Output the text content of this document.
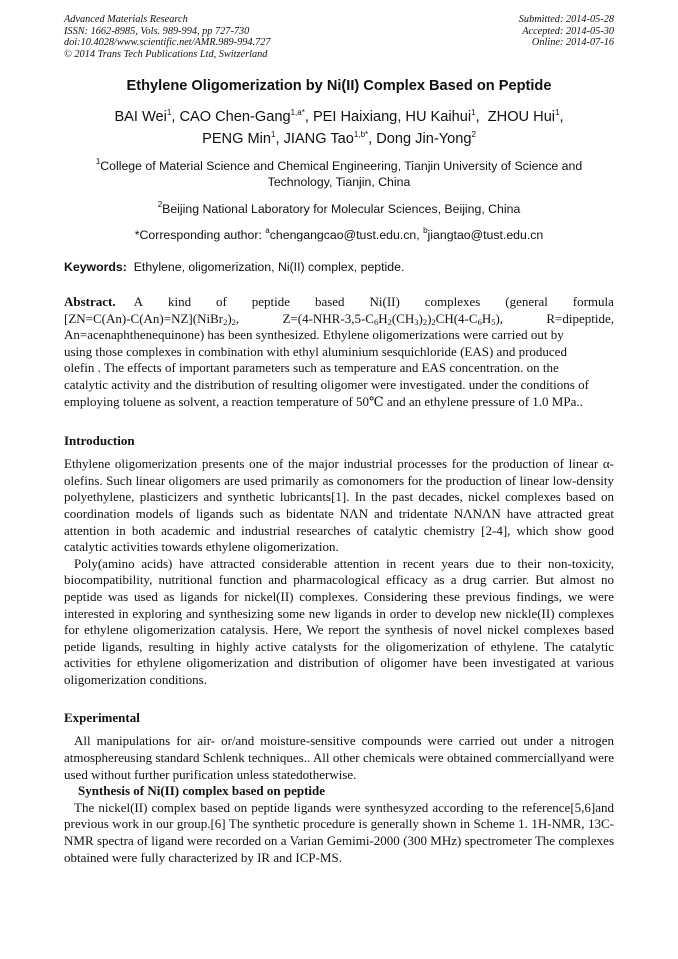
Advanced Materials Research
ISSN: 1662-8985, Vols. 989-994, pp 727-730
doi:10.4028/www.scientific.net/AMR.989-994.727
© 2014 Trans Tech Publications Ltd, Switzerland
Submitted: 2014-05-28
Accepted: 2014-05-30
Online: 2014-07-16
Ethylene Oligomerization by Ni(II) Complex Based on Peptide
BAI Wei$^1$, CAO Chen-Gang$^{1,a*}$, PEI Haixiang, HU Kaihui$^1$,  ZHOU Hui$^1$,
PENG Min$^1$, JIANG Tao$^{1,b*}$, Dong Jin-Yong$^2$
$^1$College of Material Science and Chemical Engineering, Tianjin University of Science and
Technology, Tianjin, China
$^2$Beijing National Laboratory for Molecular Sciences, Beijing, China
*Corresponding author: $^a$chengangcao@tust.edu.cn, $^b$jiangtao@tust.edu.cn
Keywords: Ethylene, oligomerization, Ni(II) complex, peptide.
Abstract. A kind of peptide based Ni(II) complexes (general formula
$[ZN=C(An)-C(An)=NZ](NiBr_2)_2$,	$Z=(4-NHR-3,5-C_6H_2(CH_3)_2)_2CH(4-C_6H_5)$,	R=dipeptide,
An=acenaphthenequinone) has been synthesized. Ethylene oligomerizations were carried out by
using those complexes in combination with ethyl aluminium sesquichloride (EAS) and produced
olefin . The effects of important parameters such as temperature and EAS concentration. on the
catalytic activity and the distribution of resulting oligomer were investigated. under the conditions of
employing toluene as solvent, a reaction temperature of 50℃ and an ethylene pressure of 1.0 MPa..
Introduction

Ethylene oligomerization presents one of the major industrial processes for the production of linear α-olefins. Such linear oligomers are used primarily as comonomers for the production of linear low-density polyethylene, plasticizers and synthetic lubricants[1]. In the past decades, nickel complexes based on coordination models of ligands such as bidentate NΛN and tridentate NΛNΛN have attracted great attention in both academic and industrial researches of catalytic chemistry [2-4], which show good catalytic activities towards ethylene oligomerization.

Poly(amino acids) have attracted considerable attention in recent years due to their non-toxicity, biocompatibility, nutritional function and pharmacological efficacy as a drug carrier. But almost no peptide was used as ligands for nickel(II) complexes. Considering these previous findings, we were interested in exploring and synthesizing some new ligands in order to develop new nickle(II) complexes for ethylene oligomerization catalysis. Here, We report the synthesis of novel nickel complexes based petide ligands, resulting in highly active catalysts for the oligomerization of ethylene. The catalytic activities for ethylene oligomerization and distribution of oligomer have been investigated at various oligomerization conditions.

Experimental

All manipulations for air- or/and moisture-sensitive compounds were carried out under a nitrogen atmosphereusing standard Schlenk techniques.. All other chemicals were obtained commerciallyand were used without further purification unless statedotherwise.

Synthesis of Ni(II) complex based on peptide

The nickel(II) complex based on peptide ligands were synthesyzed according to the reference[5,6]and previous work in our group.[6] The synthetic procedure is generally shown in Scheme 1. 1H-NMR, 13C-NMR spectra of ligand were recorded on a Varian Gemimi-2000 (300 MHz) spectrometer The complexes obtained were fully characterized by IR and ICP-MS.
